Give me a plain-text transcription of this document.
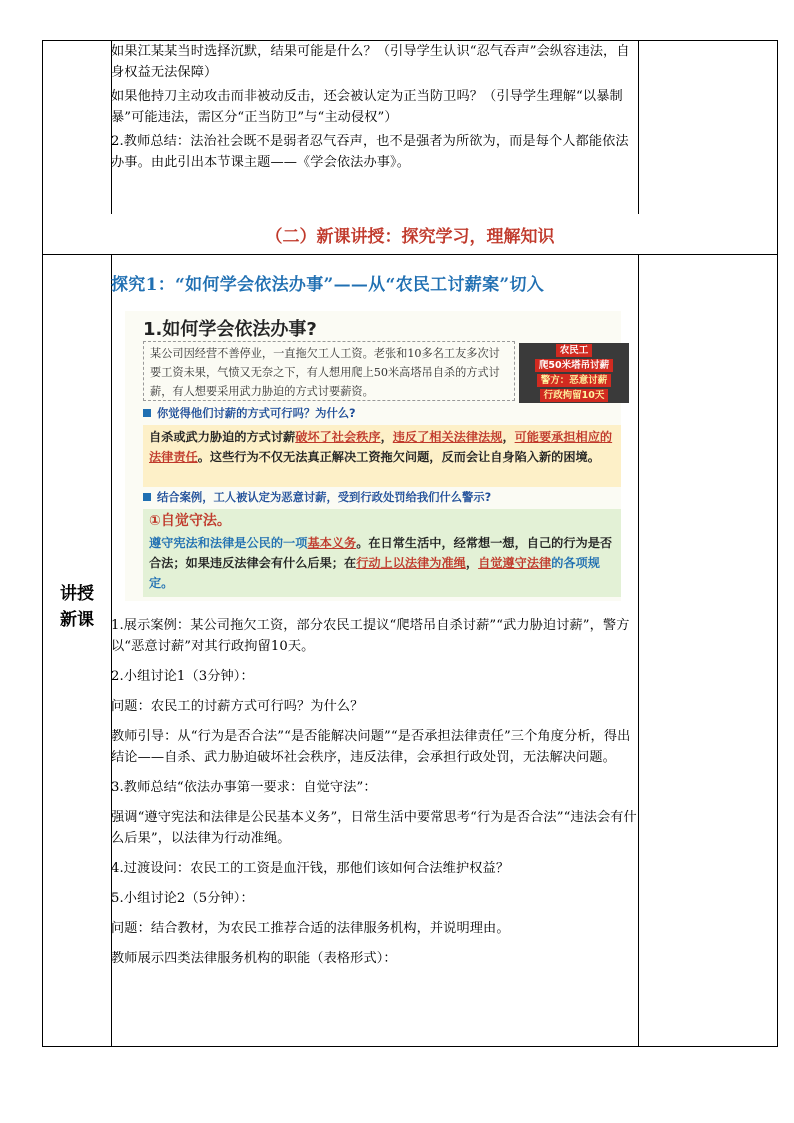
（二）新课讲授：探究学习，理解知识

如果江某某当时选择沉默，结果可能是什么？（引导学生认识“忍气吞声”会纵容违法，自身权益无法保障）

如果他持刀主动攻击而非被动反击，还会被认定为正当防卫吗？（引导学生理解“以暴制暴”可能违法，需区分“正当防卫”与“主动侵权”）

2.教师总结：法治社会既不是弱者忍气吞声，也不是强者为所欲为，而是每个人都能依法办事。由此引出本节课主题——《学会依法办事》。

讲授
新课
探究1：“如何学会依法办事”——从“农民工讨薪案”切入
1.如何学会依法办事?
某公司因经营不善停业，一直拖欠工人工资。老张和10多名工友多次讨要工资未果，气愤又无奈之下，有人想用爬上50米高塔吊自杀的方式讨薪，有人想要采用武力胁迫的方式讨要薪资。
农民工
爬50米塔吊讨薪
警方：恶意讨薪
行政拘留10天
你觉得他们讨薪的方式可行吗？为什么?
自杀或武力胁迫的方式讨薪破坏了社会秩序，违反了相关法律法规，可能要承担相应的法律责任。这些行为不仅无法真正解决工资拖欠问题，反而会让自身陷入新的困境。
结合案例，工人被认定为恶意讨薪，受到行政处罚给我们什么警示?
①自觉守法。
遵守宪法和法律是公民的一项基本义务。在日常生活中，经常想一想，自己的行为是否合法；如果违反法律会有什么后果；在行动上以法律为准绳，自觉遵守法律的各项规定。

1.展示案例：某公司拖欠工资，部分农民工提议“爬塔吊自杀讨薪”“武力胁迫讨薪”，警方以“恶意讨薪”对其行政拘留10天。

2.小组讨论1（3分钟）：

问题：农民工的讨薪方式可行吗？为什么？

教师引导：从“行为是否合法”“是否能解决问题”“是否承担法律责任”三个角度分析，得出结论——自杀、武力胁迫破坏社会秩序，违反法律，会承担行政处罚，无法解决问题。

3.教师总结“依法办事第一要求：自觉守法”：

强调“遵守宪法和法律是公民基本义务”，日常生活中要常思考“行为是否合法”“违法会有什么后果”，以法律为行动准绳。

4.过渡设问：农民工的工资是血汗钱，那他们该如何合法维护权益？

5.小组讨论2（5分钟）：

问题：结合教材，为农民工推荐合适的法律服务机构，并说明理由。

教师展示四类法律服务机构的职能（表格形式）：
